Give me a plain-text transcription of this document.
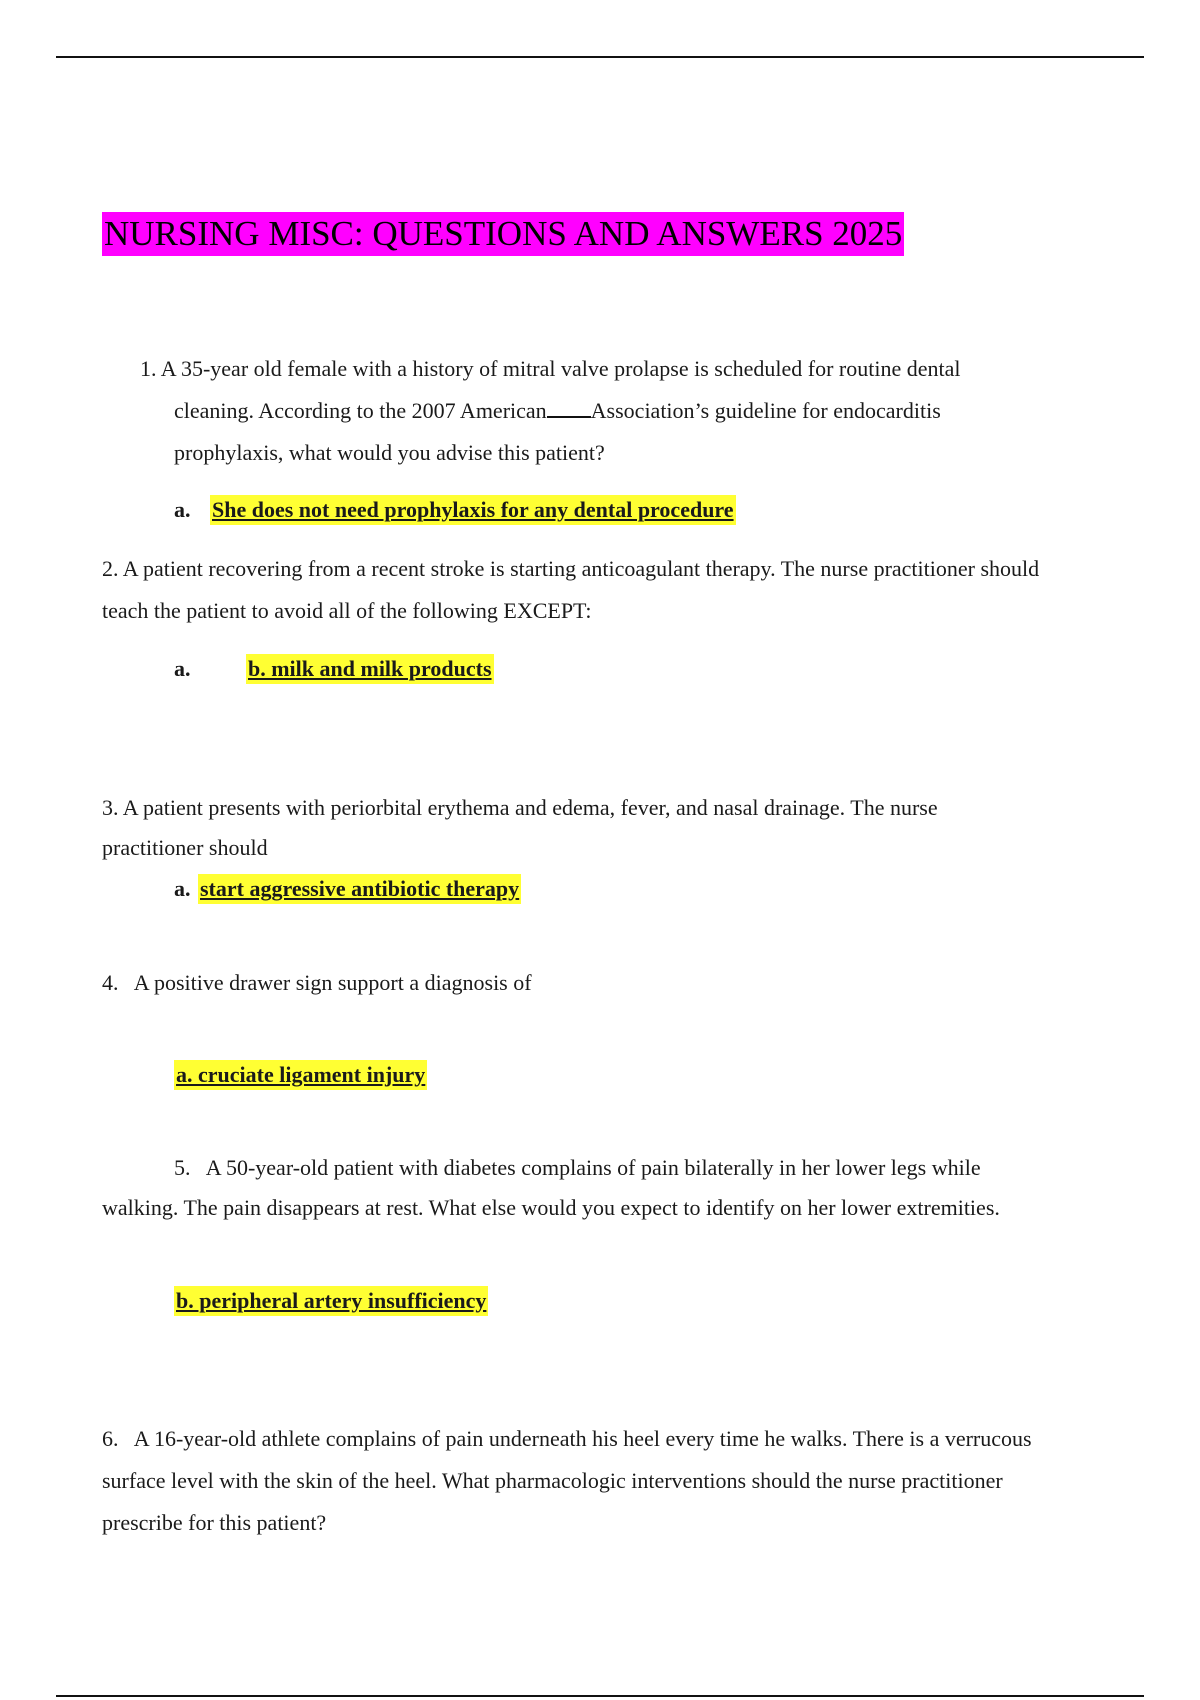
NURSING MISC: QUESTIONS AND ANSWERS 2025
1. A 35-year old female with a history of mitral valve prolapse is scheduled for routine dental
cleaning. According to the 2007 American Association’s guideline for endocarditis
prophylaxis, what would you advise this patient?
a. She does not need prophylaxis for any dental procedure
2. A patient recovering from a recent stroke is starting anticoagulant therapy. The nurse practitioner should
teach the patient to avoid all of the following EXCEPT:
a.	b. milk and milk products
3. A patient presents with periorbital erythema and edema, fever, and nasal drainage. The nurse
practitioner should
a. start aggressive antibiotic therapy
4.   A positive drawer sign support a diagnosis of
a. cruciate ligament injury
5.   A 50-year-old patient with diabetes complains of pain bilaterally in her lower legs while
walking. The pain disappears at rest. What else would you expect to identify on her lower extremities.
b. peripheral artery insufficiency
6.   A 16-year-old athlete complains of pain underneath his heel every time he walks. There is a verrucous
surface level with the skin of the heel. What pharmacologic interventions should the nurse practitioner
prescribe for this patient?
